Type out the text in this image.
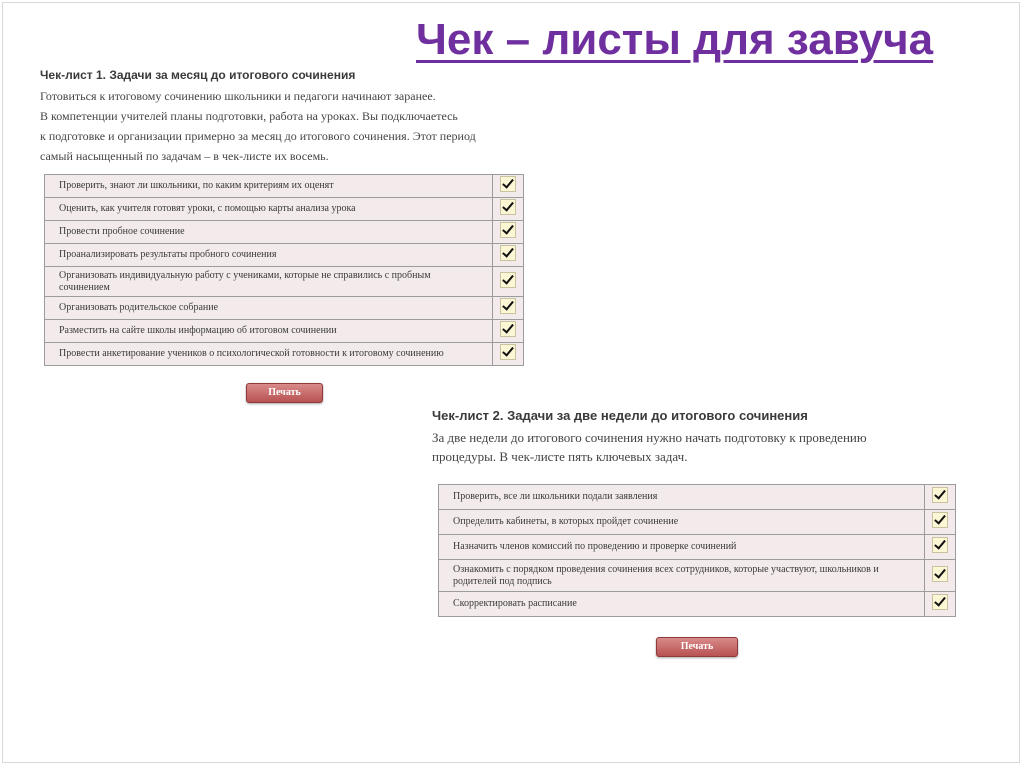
Чек – листы для завуча
Чек-лист 1. Задачи за месяц до итогового сочинения

Готовиться к итоговому сочинению школьники и педагоги начинают заранее.

В компетенции учителей планы подготовки, работа на уроках. Вы подключаетесь

к подготовке и организации примерно за месяц до итогового сочинения. Этот период

самый насыщенный по задачам – в чек-листе их восемь.

Проверить, знают ли школьники, по каким критериям их оценят	
Оценить, как учителя готовят уроки, с помощью карты анализа урока	
Провести пробное сочинение	
Проанализировать результаты пробного сочинения	
Организовать индивидуальную работу с учениками, которые не справились с пробным сочинением	
Организовать родительское собрание	
Разместить на сайте школы информацию об итоговом сочинении	
Провести анкетирование учеников о психологической готовности к итоговому сочинению	
Печать
Чек-лист 2. Задачи за две недели до итогового сочинения

За две недели до итогового сочинения нужно начать подготовку к проведению

процедуры. В чек-листе пять ключевых задач.

Проверить, все ли школьники подали заявления	
Определить кабинеты, в которых пройдет сочинение	
Назначить членов комиссий по проведению и проверке сочинений	
Ознакомить с порядком проведения сочинения всех сотрудников, которые участвуют, школьников и родителей под подпись	
Скорректировать расписание	
Печать
